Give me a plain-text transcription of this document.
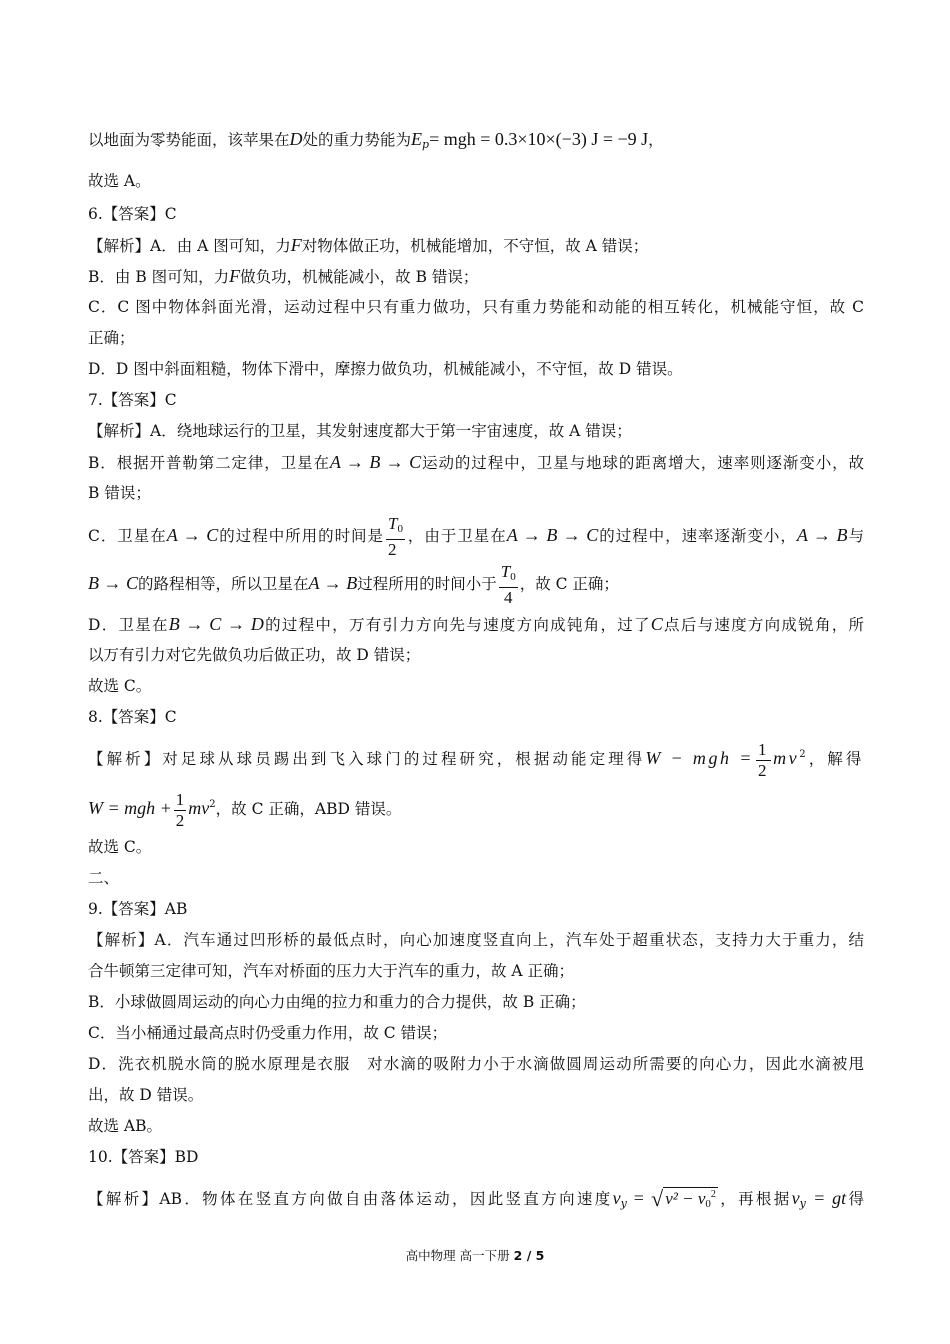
以地面为零势能面，该苹果在D处的重力势能为$E_p=$ mgh = 0.3×10×(−3) J = −9 J，
故选 A。
6.【答案】C
【解析】A．由 A 图可知，力F对物体做正功，机械能增加，不守恒，故 A 错误；
B．由 B 图可知，力F做负功，机械能减小，故 B 错误；
C．C 图中物体斜面光滑，运动过程中只有重力做功，只有重力势能和动能的相互转化，机械能守恒，故 C
正确；
D．D 图中斜面粗糙，物体下滑中，摩擦力做负功，机械能减小，不守恒，故 D 错误。
7.【答案】C
【解析】A．绕地球运行的卫星，其发射速度都大于第一宇宙速度，故 A 错误；
B．根据开普勒第二定律，卫星在A → B → C运动的过程中，卫星与地球的距离增大，速率则逐渐变小，故
B 错误；
C．卫星在A → C的过程中所用的时间是 $\frac{T_0}{2}$ ，由于卫星在A → B → C的过程中，速率逐渐变小，A → B与
B → C的路程相等，所以卫星在A → B过程所用的时间小于 $\frac{T_0}{4}$ ，故 C 正确；
D．卫星在B → C → D的过程中，万有引力方向先与速度方向成钝角，过了C点后与速度方向成锐角，所
以万有引力对它先做负功后做正功，故 D 错误；
故选 C。
8.【答案】C
【解析】对足球从球员踢出到飞入球门的过程研究，根据动能定理得W − mgh = $\frac{1}{2} mv^2$，解得
W = mgh + $\frac{1}{2} mv^2$，故 C 正确，ABD 错误。
故选 C。
二、
9.【答案】AB
【解析】A．汽车通过凹形桥的最低点时，向心加速度竖直向上，汽车处于超重状态，支持力大于重力，结
合牛顿第三定律可知，汽车对桥面的压力大于汽车的重力，故 A 正确；
B．小球做圆周运动的向心力由绳的拉力和重力的合力提供，故 B 正确；
C．当小桶通过最高点时仍受重力作用，故 C 错误；
D．洗衣机脱水筒的脱水原理是衣服　对水滴的吸附力小于水滴做圆周运动所需要的向心力，因此水滴被甩
出，故 D 错误。
故选 AB。
10.【答案】BD
【解析】AB．物体在竖直方向做自由落体运动，因此竖直方向速度$v_y$ = √ $v^2 - v_0^2$ ，再根据$v_y$ = gt得
高中物理 高一下册 2 / 5
